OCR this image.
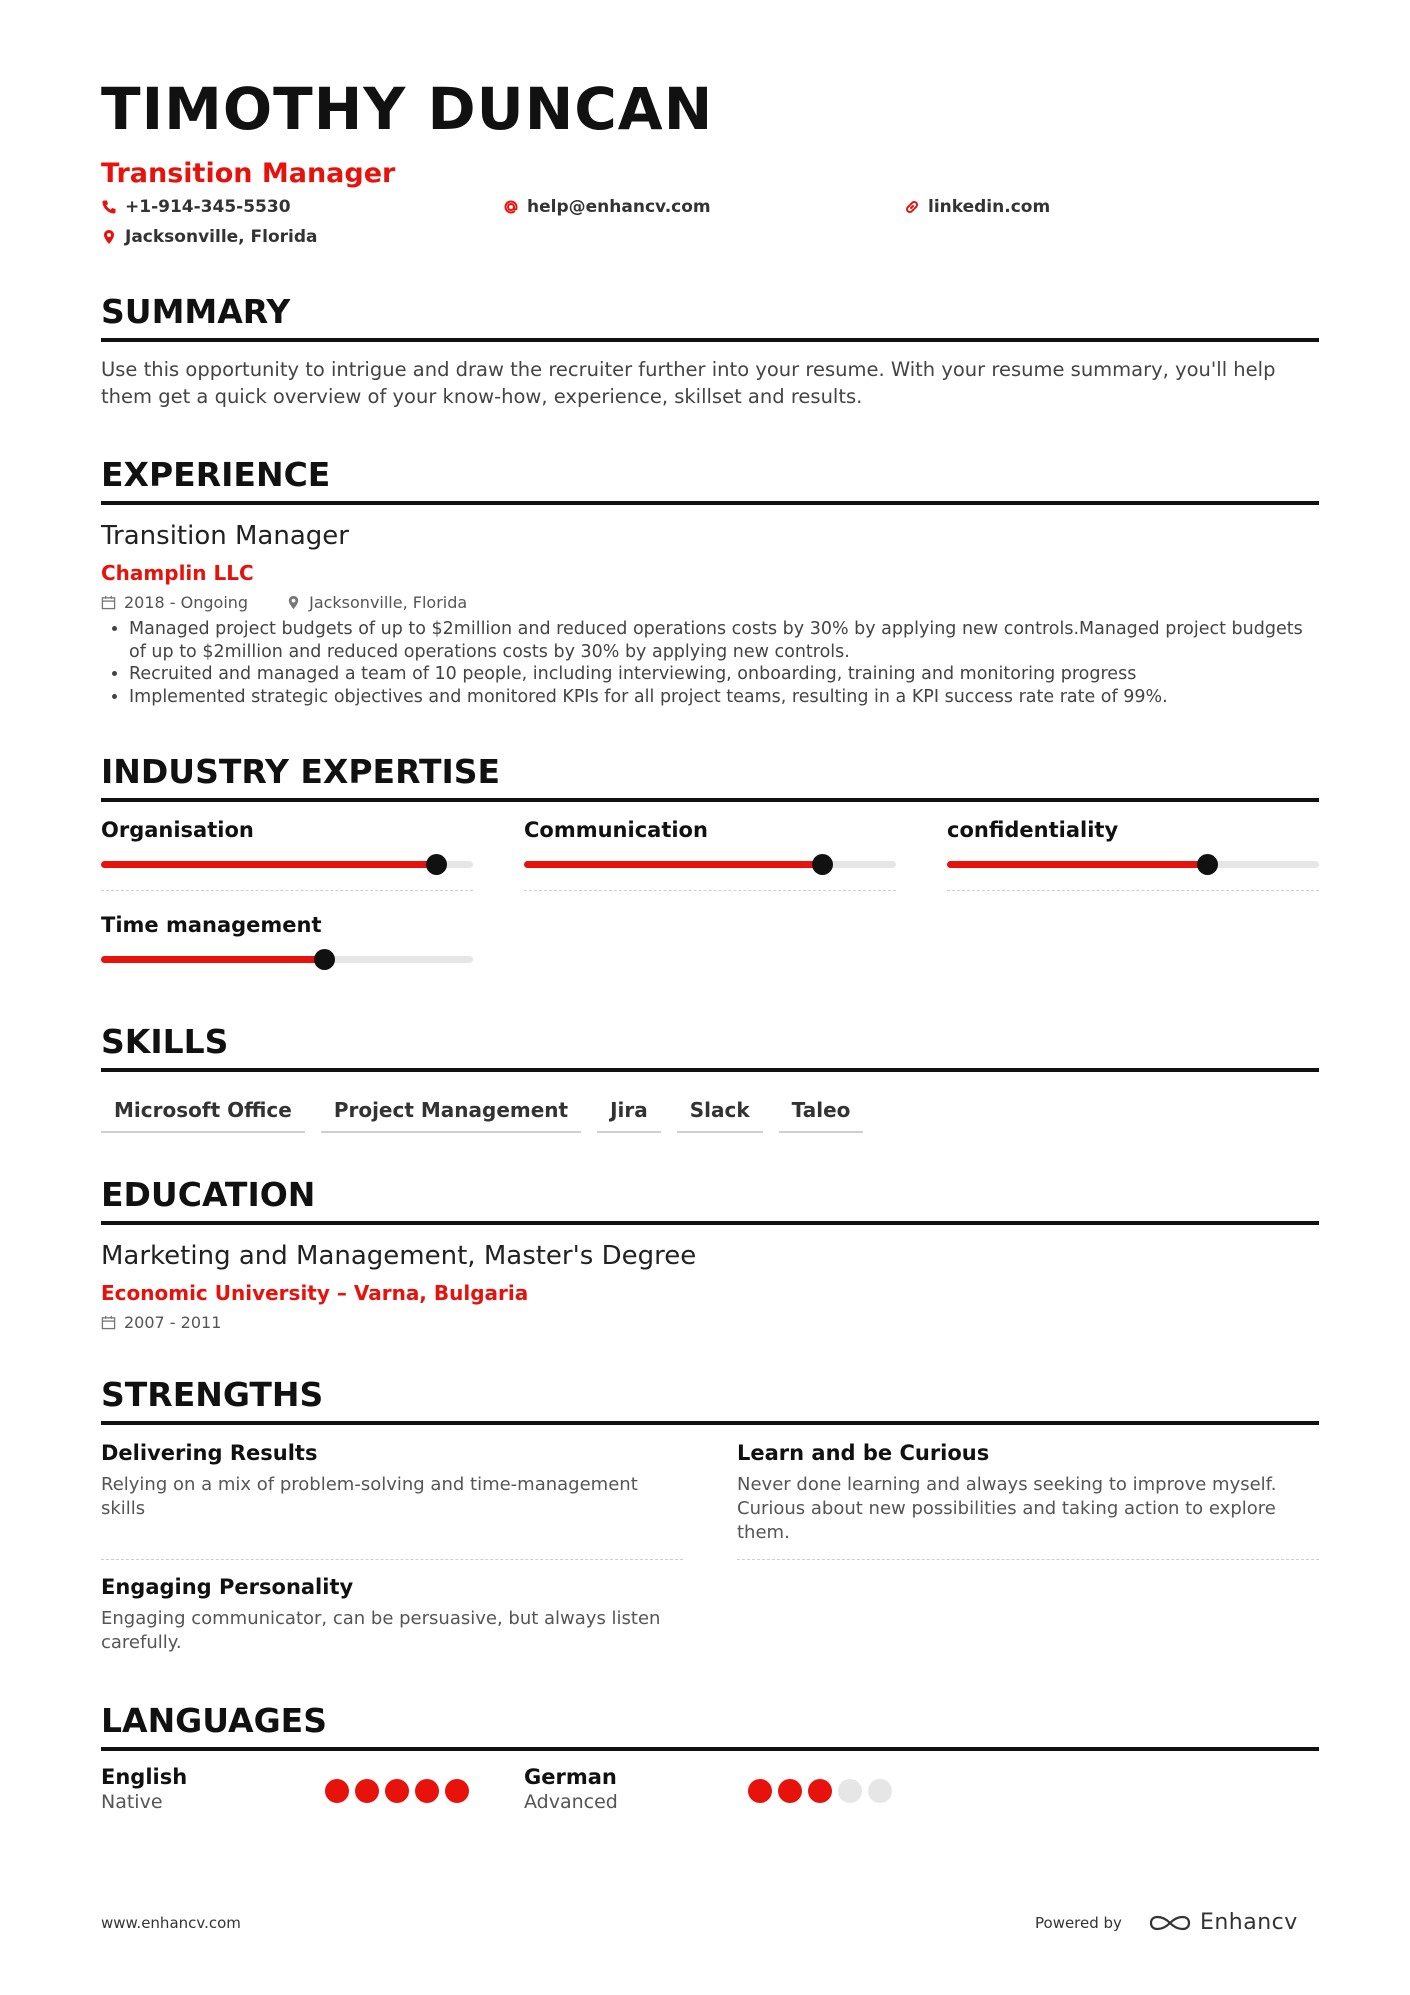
TIMOTHY DUNCAN
Transition Manager
+1-914-345-5530	help@enhancv.com	linkedin.com
Jacksonville, Florida
SUMMARY
Use this opportunity to intrigue and draw the recruiter further into your resume. With your resume summary, you'll help them get a quick overview of your know-how, experience, skillset and results.
EXPERIENCE
Transition Manager
Champlin LLC
2018 - Ongoing	Jacksonville, Florida
• Managed project budgets of up to $2million and reduced operations costs by 30% by applying new controls.Managed project budgets of up to $2million and reduced operations costs by 30% by applying new controls.
• Recruited and managed a team of 10 people, including interviewing, onboarding, training and monitoring progress
• Implemented strategic objectives and monitored KPIs for all project teams, resulting in a KPI success rate rate of 99%.
INDUSTRY EXPERTISE
Organisation	Communication	confidentiality
Time management
SKILLS
Microsoft Office	Project Management	Jira	Slack	Taleo
EDUCATION
Marketing and Management, Master's Degree
Economic University – Varna, Bulgaria
2007 - 2011
STRENGTHS
Delivering Results
Relying on a mix of problem-solving and time-management skills
Learn and be Curious
Never done learning and always seeking to improve myself. Curious about new possibilities and taking action to explore them.
Engaging Personality
Engaging communicator, can be persuasive, but always listen carefully.
LANGUAGES
English
Native
German
Advanced
www.enhancv.com	Powered by	Enhancv
